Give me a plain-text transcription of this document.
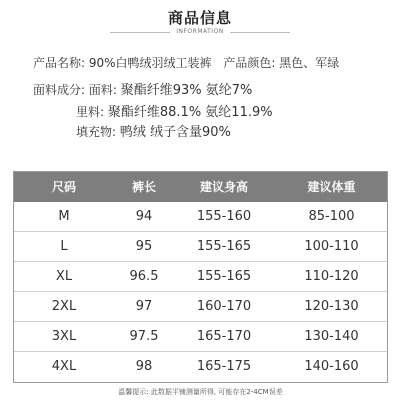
商品信息
INFORMATION
产品名称: 90%白鸭绒羽绒工装裤 产品颜色: 黑色、军绿
面料成分: 面料: 聚酯纤维93% 氨纶7%
里料: 聚酯纤维88.1% 氨纶11.9%
填充物: 鸭绒 绒子含量90%
尺码	裤长	建议身高	建议体重
M	94	155-160	85-100
L	95	155-165	100-110
XL	96.5	155-165	110-120
2XL	97	160-170	120-130
3XL	97.5	165-170	130-140
4XL	98	165-175	140-160
温馨提示: 此数据平铺测量所得, 可能存在2-4CM误差
